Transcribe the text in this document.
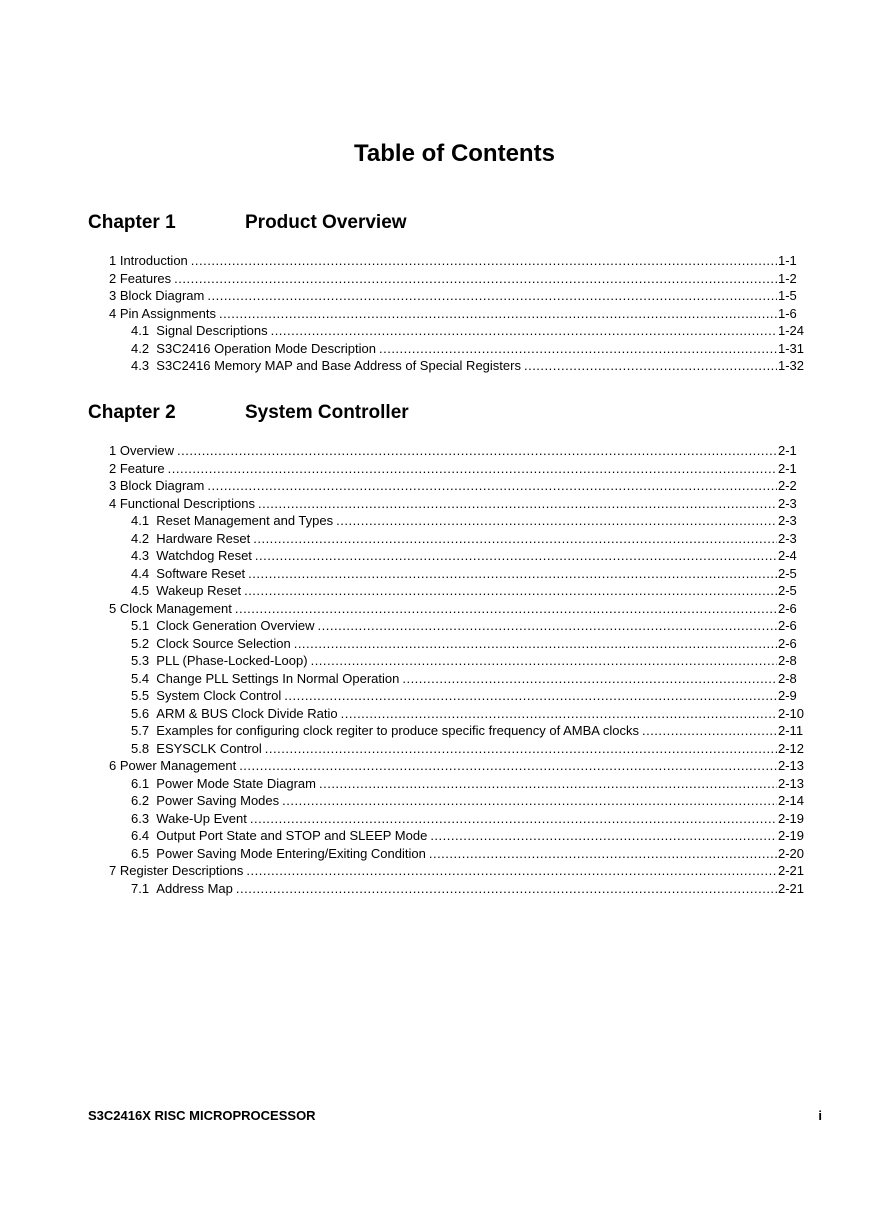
Table of Contents
Chapter 1	Product Overview
1 Introduction .....	1-1
2 Features .....	1-2
3 Block Diagram .....	1-5
4 Pin Assignments .....	1-6
4.1 Signal Descriptions .....	1-24
4.2 S3C2416 Operation Mode Description .....	1-31
4.3 S3C2416 Memory MAP and Base Address of Special Registers .....	1-32
Chapter 2	System Controller
1 Overview .....	2-1
2 Feature .....	2-1
3 Block Diagram .....	2-2
4 Functional Descriptions .....	2-3
4.1 Reset Management and Types .....	2-3
4.2 Hardware Reset .....	2-3
4.3 Watchdog Reset .....	2-4
4.4 Software Reset .....	2-5
4.5 Wakeup Reset .....	2-5
5 Clock Management .....	2-6
5.1 Clock Generation Overview .....	2-6
5.2 Clock Source Selection .....	2-6
5.3 PLL (Phase-Locked-Loop) .....	2-8
5.4 Change PLL Settings In Normal Operation .....	2-8
5.5 System Clock Control .....	2-9
5.6 ARM & BUS Clock Divide Ratio .....	2-10
5.7 Examples for configuring clock regiter to produce specific frequency of AMBA clocks .....	2-11
5.8 ESYSCLK Control .....	2-12
6 Power Management .....	2-13
6.1 Power Mode State Diagram .....	2-13
6.2 Power Saving Modes .....	2-14
6.3 Wake-Up Event .....	2-19
6.4 Output Port State and STOP and SLEEP Mode .....	2-19
6.5 Power Saving Mode Entering/Exiting Condition .....	2-20
7 Register Descriptions .....	2-21
7.1 Address Map .....	2-21
S3C2416X RISC MICROPROCESSOR	i
